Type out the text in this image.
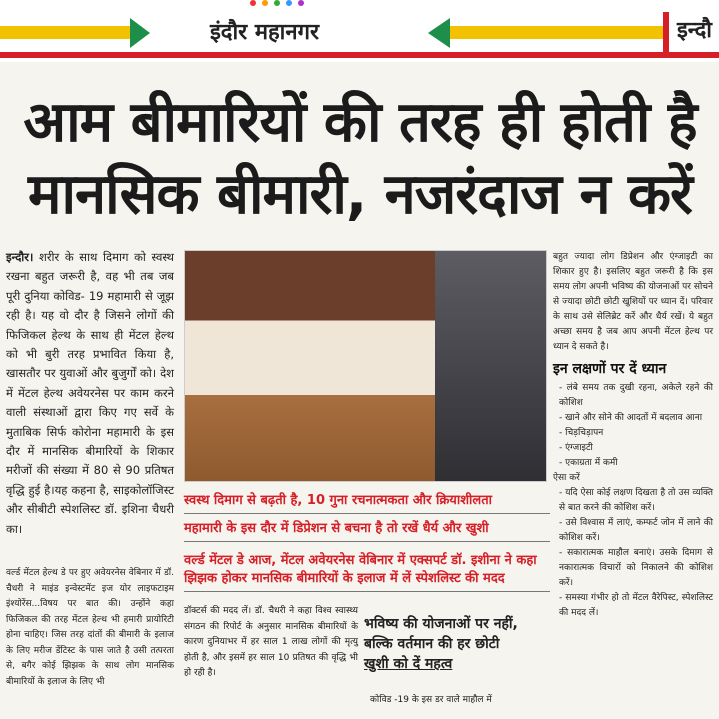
इंदौर महानगर	इन्दौ
आम बीमारियों की तरह ही होती है
मानसिक बीमारी, नजरंदाज न करें
इन्दौर। शरीर के साथ दिमाग को स्वस्थ रखना बहुत जरूरी है, वह भी तब जब पूरी दुनिया कोविड- 19 महामारी से जूझ रही है। यह वो दौर है जिसने लोगों की फिजिकल हेल्थ के साथ ही मेंटल हेल्थ को भी बुरी तरह प्रभावित किया है, खासतौर पर युवाओं और बुजुर्गों को। देश में मेंटल हेल्थ अवेयरनेस पर काम करने वाली संस्थाओं द्वारा किए गए सर्वे के मुताबिक सिर्फ कोरोना महामारी के इस दौर में मानसिक बीमारियों के शिकार मरीजों की संख्या में 80 से 90 प्रतिषत वृद्धि हुई है।यह कहना है, साइकोलॉजिस्ट और सीबीटी स्पेशलिस्ट डॉ. इशिना चैधरी का।
वर्ल्ड मेंटल हेल्थ डे पर हुए अवेयरनेस वेबिनार में डॉ. चैधरी ने माइंड इन्वेस्टमेंट इज योर लाइफटाइम इंश्योरेंस...विषय पर बात की। उन्होंने कहा फिजिकल की तरह मेंटल हेल्थ भी हमारी प्रायोरिटी होना चाहिए। जिस तरह दांतों की बीमारी के इलाज के लिए मरीज डेंटिस्ट के पास जाते है उसी तत्परता से, बगैर कोई झिझक के साथ लोग मानसिक बीमारियों के इलाज के लिए भी
स्वस्थ दिमाग से बढ़ती है, 10 गुना रचनात्मकता और क्रियाशीलता
महामारी के इस दौर में डिप्रेशन से बचना है तो रखें धैर्य और खुशी
वर्ल्ड मेंटल डे आज, मेंटल अवेयरनेस वेबिनार में एक्सपर्ट डॉ. इशीना ने कहा
झिझक होकर मानसिक बीमारियों के इलाज में लें स्पेशलिस्ट की मदद
डॉक्टर्स की मदद लें। डॉ. चैधरी ने कहा विश्व स्वास्थ्य संगठन की रिपोर्ट के अनुसार मानसिक बीमारियों के कारण दुनियाभर में हर साल 1 लाख लोगों की मृत्यु होती है, और इसमें हर साल 10 प्रतिषत की वृद्धि भी हो रही है।
भविष्य की योजनाओं पर नहीं,
बल्कि वर्तमान की हर छोटी
खुशी को दें महत्व
कोविड -19 के इस डर वाले माहौल में
बहुत ज्यादा लोग डिप्रेशन और एंग्जाइटी का शिकार हुए है। इसलिए बहुत जरूरी है कि इस समय लोग अपनी भविष्य की योजनाओं पर सोचने से ज्यादा छोटी छोटी खुशियों पर ध्यान दें। परिवार के साथ उसे सेलिब्रेट करें और धैर्य रखें। ये बहुत अच्छा समय है जब आप अपनी मेंटल हेल्थ पर ध्यान दे सकते है।
इन लक्षणों पर दें ध्यान
- लंबे समय तक दुखी रहना, अकेले रहने की कोशिश
- खाने और सोने की आदतों में बदलाव आना
- चिड़चिड़ापन
- एंग्जाइटी
- एकाग्रता में कमी
ऐसा करें
- यदि ऐसा कोई लक्षण दिखता है तो उस व्यक्ति से बात करने की कोशिश करें।
- उसे विश्वास में लाएं, कम्फर्ट जोन में लाने की कोशिश करें।
- सकारात्मक माहौल बनाएं। उसके दिमाग से नकारात्मक विचारों को निकालने की कोशिश करें।
- समस्या गंभीर हो तो मेंटल वैरेपिस्ट, स्पेशलिस्ट की मदद लें।
